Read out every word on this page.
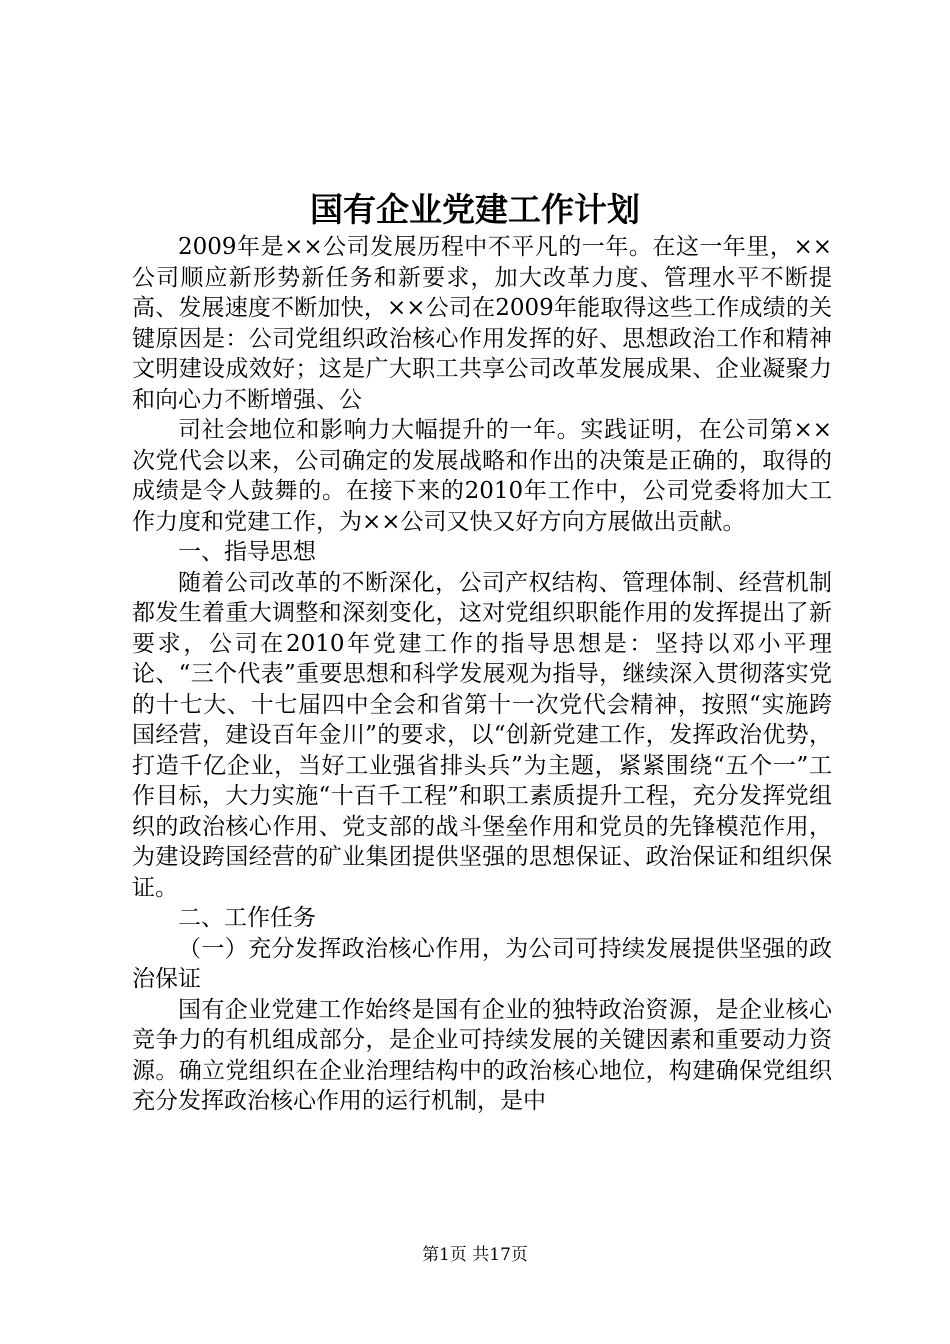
国有企业党建工作计划

2009年是××公司发展历程中不平凡的一年。在这一年里，××公司顺应新形势新任务和新要求，加大改革力度、管理水平不断提高、发展速度不断加快，××公司在2009年能取得这些工作成绩的关键原因是：公司党组织政治核心作用发挥的好、思想政治工作和精神文明建设成效好；这是广大职工共享公司改革发展成果、企业凝聚力和向心力不断增强、公

司社会地位和影响力大幅提升的一年。实践证明，在公司第××次党代会以来，公司确定的发展战略和作出的决策是正确的，取得的成绩是令人鼓舞的。在接下来的2010年工作中，公司党委将加大工作力度和党建工作，为××公司又快又好方向方展做出贡献。

一、指导思想

随着公司改革的不断深化，公司产权结构、管理体制、经营机制都发生着重大调整和深刻变化，这对党组织职能作用的发挥提出了新要求，公司在2010年党建工作的指导思想是：坚持以邓小平理论、“三个代表”重要思想和科学发展观为指导，继续深入贯彻落实党的十七大、十七届四中全会和省第十一次党代会精神，按照“实施跨国经营，建设百年金川”的要求，以“创新党建工作，发挥政治优势，打造千亿企业，当好工业强省排头兵”为主题，紧紧围绕“五个一”工作目标，大力实施“十百千工程”和职工素质提升工程，充分发挥党组织的政治核心作用、党支部的战斗堡垒作用和党员的先锋模范作用，为建设跨国经营的矿业集团提供坚强的思想保证、政治保证和组织保证。

二、工作任务

（一）充分发挥政治核心作用，为公司可持续发展提供坚强的政治保证

国有企业党建工作始终是国有企业的独特政治资源，是企业核心竞争力的有机组成部分，是企业可持续发展的关键因素和重要动力资源。确立党组织在企业治理结构中的政治核心地位，构建确保党组织充分发挥政治核心作用的运行机制，是中

第1页 共17页
